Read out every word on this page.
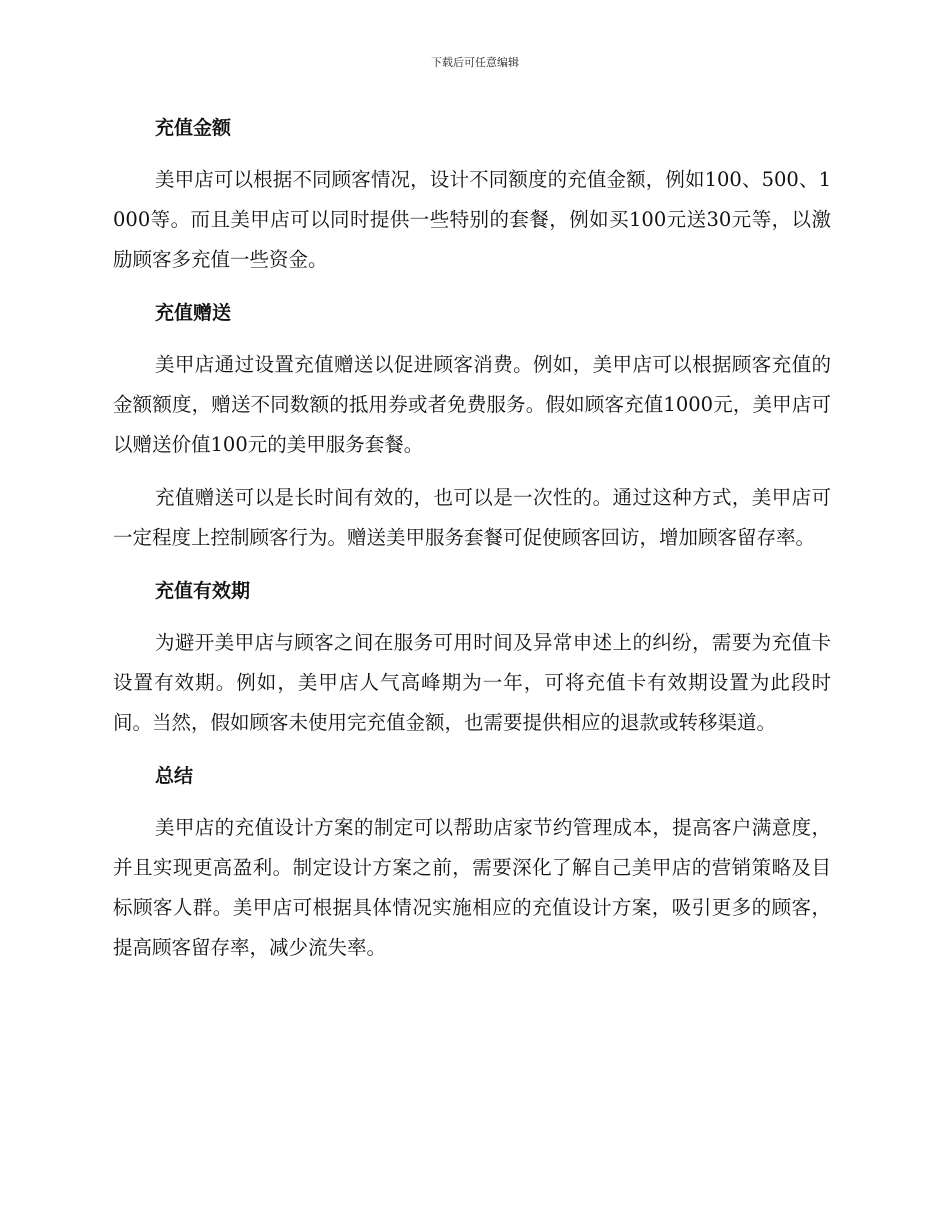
下载后可任意编辑
充值金额

美甲店可以根据不同顾客情况，设计不同额度的充值金额，例如100、500、1000等。而且美甲店可以同时提供一些特别的套餐，例如买100元送30元等，以激励顾客多充值一些资金。

充值赠送

美甲店通过设置充值赠送以促进顾客消费。例如，美甲店可以根据顾客充值的金额额度，赠送不同数额的抵用券或者免费服务。假如顾客充值1000元，美甲店可以赠送价值100元的美甲服务套餐。

充值赠送可以是长时间有效的，也可以是一次性的。通过这种方式，美甲店可一定程度上控制顾客行为。赠送美甲服务套餐可促使顾客回访，增加顾客留存率。

充值有效期

为避开美甲店与顾客之间在服务可用时间及异常申述上的纠纷，需要为充值卡设置有效期。例如，美甲店人气高峰期为一年，可将充值卡有效期设置为此段时间。当然，假如顾客未使用完充值金额，也需要提供相应的退款或转移渠道。

总结

美甲店的充值设计方案的制定可以帮助店家节约管理成本，提高客户满意度，并且实现更高盈利。制定设计方案之前，需要深化了解自己美甲店的营销策略及目标顾客人群。美甲店可根据具体情况实施相应的充值设计方案，吸引更多的顾客，提高顾客留存率，减少流失率。
